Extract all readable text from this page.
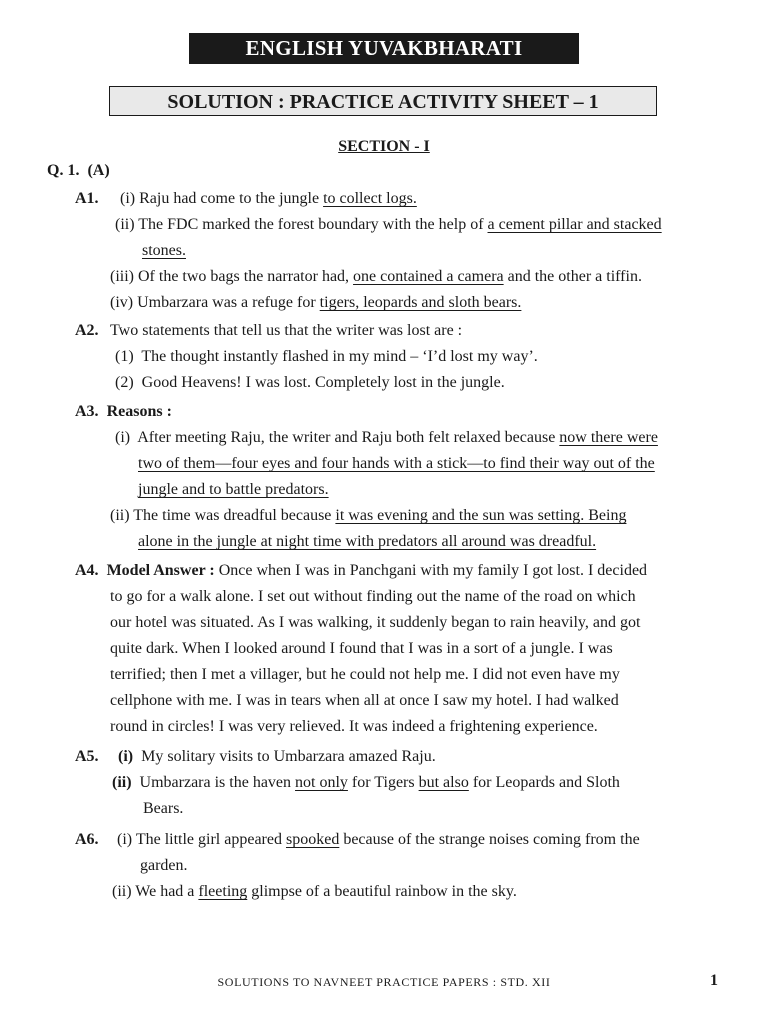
ENGLISH YUVAKBHARATI
SOLUTION : PRACTICE ACTIVITY SHEET – 1
SECTION - I
Q. 1. (A)
A1. (i) Raju had come to the jungle to collect logs.
(ii) The FDC marked the forest boundary with the help of a cement pillar and stacked
stones.
(iii) Of the two bags the narrator had, one contained a camera and the other a tiffin.
(iv) Umbarzara was a refuge for tigers, leopards and sloth bears.
A2. Two statements that tell us that the writer was lost are :
(1) The thought instantly flashed in my mind – ‘I’d lost my way’.
(2) Good Heavens! I was lost. Completely lost in the jungle.
A3. Reasons :
(i) After meeting Raju, the writer and Raju both felt relaxed because now there were
two of them—four eyes and four hands with a stick—to find their way out of the
jungle and to battle predators.
(ii) The time was dreadful because it was evening and the sun was setting. Being
alone in the jungle at night time with predators all around was dreadful.
A4. Model Answer : Once when I was in Panchgani with my family I got lost. I decided
to go for a walk alone. I set out without finding out the name of the road on which
our hotel was situated. As I was walking, it suddenly began to rain heavily, and got
quite dark. When I looked around I found that I was in a sort of a jungle. I was
terrified; then I met a villager, but he could not help me. I did not even have my
cellphone with me. I was in tears when all at once I saw my hotel. I had walked
round in circles! I was very relieved. It was indeed a frightening experience.
A5. (i) My solitary visits to Umbarzara amazed Raju.
(ii) Umbarzara is the haven not only for Tigers but also for Leopards and Sloth
Bears.
A6. (i) The little girl appeared spooked because of the strange noises coming from the
garden.
(ii) We had a fleeting glimpse of a beautiful rainbow in the sky.
SOLUTIONS TO NAVNEET PRACTICE PAPERS : STD. XII	1
